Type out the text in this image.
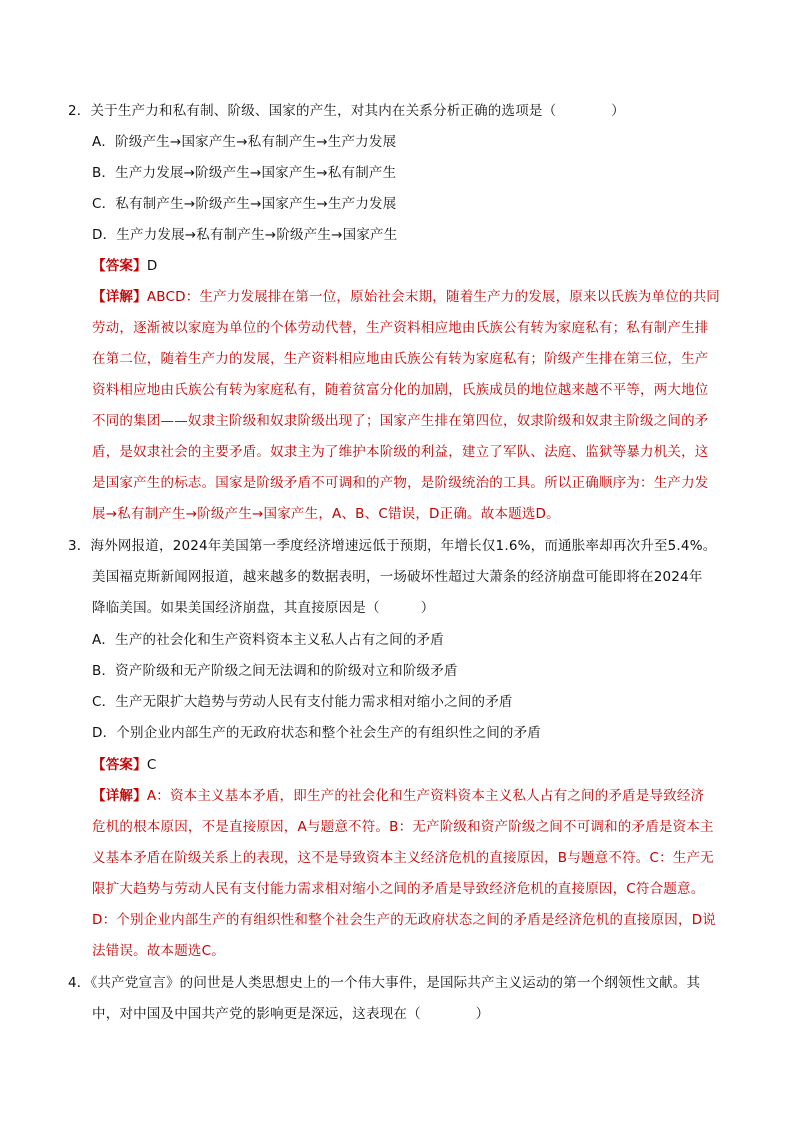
2．关于生产力和私有制、阶级、国家的产生，对其内在关系分析正确的选项是（　　　　）
A．阶级产生→国家产生→私有制产生→生产力发展
B．生产力发展→阶级产生→国家产生→私有制产生
C．私有制产生→阶级产生→国家产生→生产力发展
D．生产力发展→私有制产生→阶级产生→国家产生
【答案】D
【详解】ABCD：生产力发展排在第一位，原始社会末期，随着生产力的发展，原来以氏族为单位的共同
劳动，逐渐被以家庭为单位的个体劳动代替，生产资料相应地由氏族公有转为家庭私有；私有制产生排
在第二位，随着生产力的发展，生产资料相应地由氏族公有转为家庭私有；阶级产生排在第三位，生产
资料相应地由氏族公有转为家庭私有，随着贫富分化的加剧，氏族成员的地位越来越不平等，两大地位
不同的集团——奴隶主阶级和奴隶阶级出现了；国家产生排在第四位，奴隶阶级和奴隶主阶级之间的矛
盾，是奴隶社会的主要矛盾。奴隶主为了维护本阶级的利益，建立了军队、法庭、监狱等暴力机关，这
是国家产生的标志。国家是阶级矛盾不可调和的产物，是阶级统治的工具。所以正确顺序为：生产力发
展→私有制产生→阶级产生→国家产生，A、B、C错误，D正确。故本题选D。
3．海外网报道，2024年美国第一季度经济增速远低于预期，年增长仅1.6%，而通胀率却再次升至5.4%。
美国福克斯新闻网报道，越来越多的数据表明，一场破坏性超过大萧条的经济崩盘可能即将在2024年
降临美国。如果美国经济崩盘，其直接原因是（　　　）
A．生产的社会化和生产资料资本主义私人占有之间的矛盾
B．资产阶级和无产阶级之间无法调和的阶级对立和阶级矛盾
C．生产无限扩大趋势与劳动人民有支付能力需求相对缩小之间的矛盾
D．个别企业内部生产的无政府状态和整个社会生产的有组织性之间的矛盾
【答案】C
【详解】A：资本主义基本矛盾，即生产的社会化和生产资料资本主义私人占有之间的矛盾是导致经济
危机的根本原因，不是直接原因，A与题意不符。B：无产阶级和资产阶级之间不可调和的矛盾是资本主
义基本矛盾在阶级关系上的表现，这不是导致资本主义经济危机的直接原因，B与题意不符。C：生产无
限扩大趋势与劳动人民有支付能力需求相对缩小之间的矛盾是导致经济危机的直接原因，C符合题意。
D：个别企业内部生产的有组织性和整个社会生产的无政府状态之间的矛盾是经济危机的直接原因，D说
法错误。故本题选C。
4．《共产党宣言》的问世是人类思想史上的一个伟大事件，是国际共产主义运动的第一个纲领性文献。其
中，对中国及中国共产党的影响更是深远，这表现在（　　　　）
